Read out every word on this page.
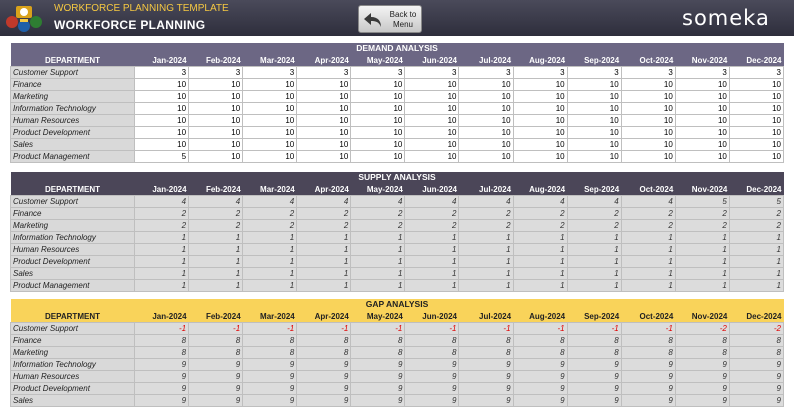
WORKFORCE PLANNING TEMPLATE
WORKFORCE PLANNING
Back to Menu	someka
DEMAND ANALYSIS												
DEPARTMENT	Jan-2024	Feb-2024	Mar-2024	Apr-2024	May-2024	Jun-2024	Jul-2024	Aug-2024	Sep-2024	Oct-2024	Nov-2024	Dec-2024
Customer Support	3	3	3	3	3	3	3	3	3	3	3	3
Finance	10	10	10	10	10	10	10	10	10	10	10	10
Marketing	10	10	10	10	10	10	10	10	10	10	10	10
Information Technology	10	10	10	10	10	10	10	10	10	10	10	10
Human Resources	10	10	10	10	10	10	10	10	10	10	10	10
Product Development	10	10	10	10	10	10	10	10	10	10	10	10
Sales	10	10	10	10	10	10	10	10	10	10	10	10
Product Management	5	10	10	10	10	10	10	10	10	10	10	10
SUPPLY ANALYSIS												
DEPARTMENT	Jan-2024	Feb-2024	Mar-2024	Apr-2024	May-2024	Jun-2024	Jul-2024	Aug-2024	Sep-2024	Oct-2024	Nov-2024	Dec-2024
Customer Support	4	4	4	4	4	4	4	4	4	4	5	5
Finance	2	2	2	2	2	2	2	2	2	2	2	2
Marketing	2	2	2	2	2	2	2	2	2	2	2	2
Information Technology	1	1	1	1	1	1	1	1	1	1	1	1
Human Resources	1	1	1	1	1	1	1	1	1	1	1	1
Product Development	1	1	1	1	1	1	1	1	1	1	1	1
Sales	1	1	1	1	1	1	1	1	1	1	1	1
Product Management	1	1	1	1	1	1	1	1	1	1	1	1
GAP ANALYSIS												
DEPARTMENT	Jan-2024	Feb-2024	Mar-2024	Apr-2024	May-2024	Jun-2024	Jul-2024	Aug-2024	Sep-2024	Oct-2024	Nov-2024	Dec-2024
Customer Support	-1	-1	-1	-1	-1	-1	-1	-1	-1	-1	-2	-2
Finance	8	8	8	8	8	8	8	8	8	8	8	8
Marketing	8	8	8	8	8	8	8	8	8	8	8	8
Information Technology	9	9	9	9	9	9	9	9	9	9	9	9
Human Resources	9	9	9	9	9	9	9	9	9	9	9	9
Product Development	9	9	9	9	9	9	9	9	9	9	9	9
Sales	9	9	9	9	9	9	9	9	9	9	9	9
